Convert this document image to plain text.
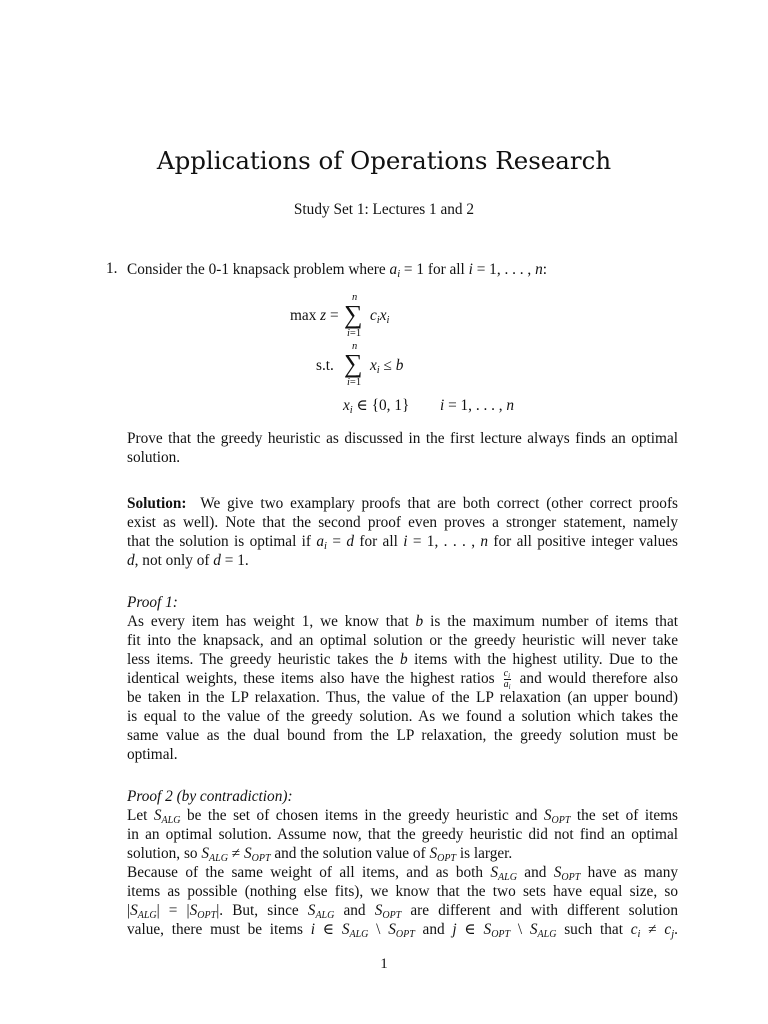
Applications of Operations Research
Study Set 1: Lectures 1 and 2
1. Consider the 0-1 knapsack problem where $a_i = 1$ for all i = 1, . . . , n:
n
∑
i=1
max z =	$c_ix_i$
n
∑
i=1
s.t.	$x_i \le b$
$x_i$ ∈ {0, 1}	i = 1, . . . , n
Prove that the greedy heuristic as discussed in the first lecture always finds an optimal
solution.
Solution: We give two examplary proofs that are both correct (other correct proofs
exist as well). Note that the second proof even proves a stronger statement, namely
that the solution is optimal if $a_i = d$ for all i = 1, . . . , n for all positive integer values
d, not only of d = 1.
Proof 1:
As every item has weight 1, we know that b is the maximum number of items that
fit into the knapsack, and an optimal solution or the greedy heuristic will never take
less items. The greedy heuristic takes the b items with the highest utility. Due to the
identical weights, these items also have the highest ratios $\frac{c_i}{a_i}$ and would therefore also
be taken in the LP relaxation. Thus, the value of the LP relaxation (an upper bound)
is equal to the value of the greedy solution. As we found a solution which takes the
same value as the dual bound from the LP relaxation, the greedy solution must be
optimal.
Proof 2 (by contradiction):
Let $S_{ALG}$ be the set of chosen items in the greedy heuristic and $S_{OPT}$ the set of items
in an optimal solution. Assume now, that the greedy heuristic did not find an optimal
solution, so $S_{ALG} \ne S_{OPT}$ and the solution value of $S_{OPT}$ is larger.
Because of the same weight of all items, and as both $S_{ALG}$ and $S_{OPT}$ have as many
items as possible (nothing else fits), we know that the two sets have equal size, so
$|S_{ALG}| = |S_{OPT}|$. But, since $S_{ALG}$ and $S_{OPT}$ are different and with different solution
value, there must be items i ∈ $S_{ALG}$ \ $S_{OPT}$ and j ∈ $S_{OPT}$ \ $S_{ALG}$ such that $c_i \ne c_j$.
1
